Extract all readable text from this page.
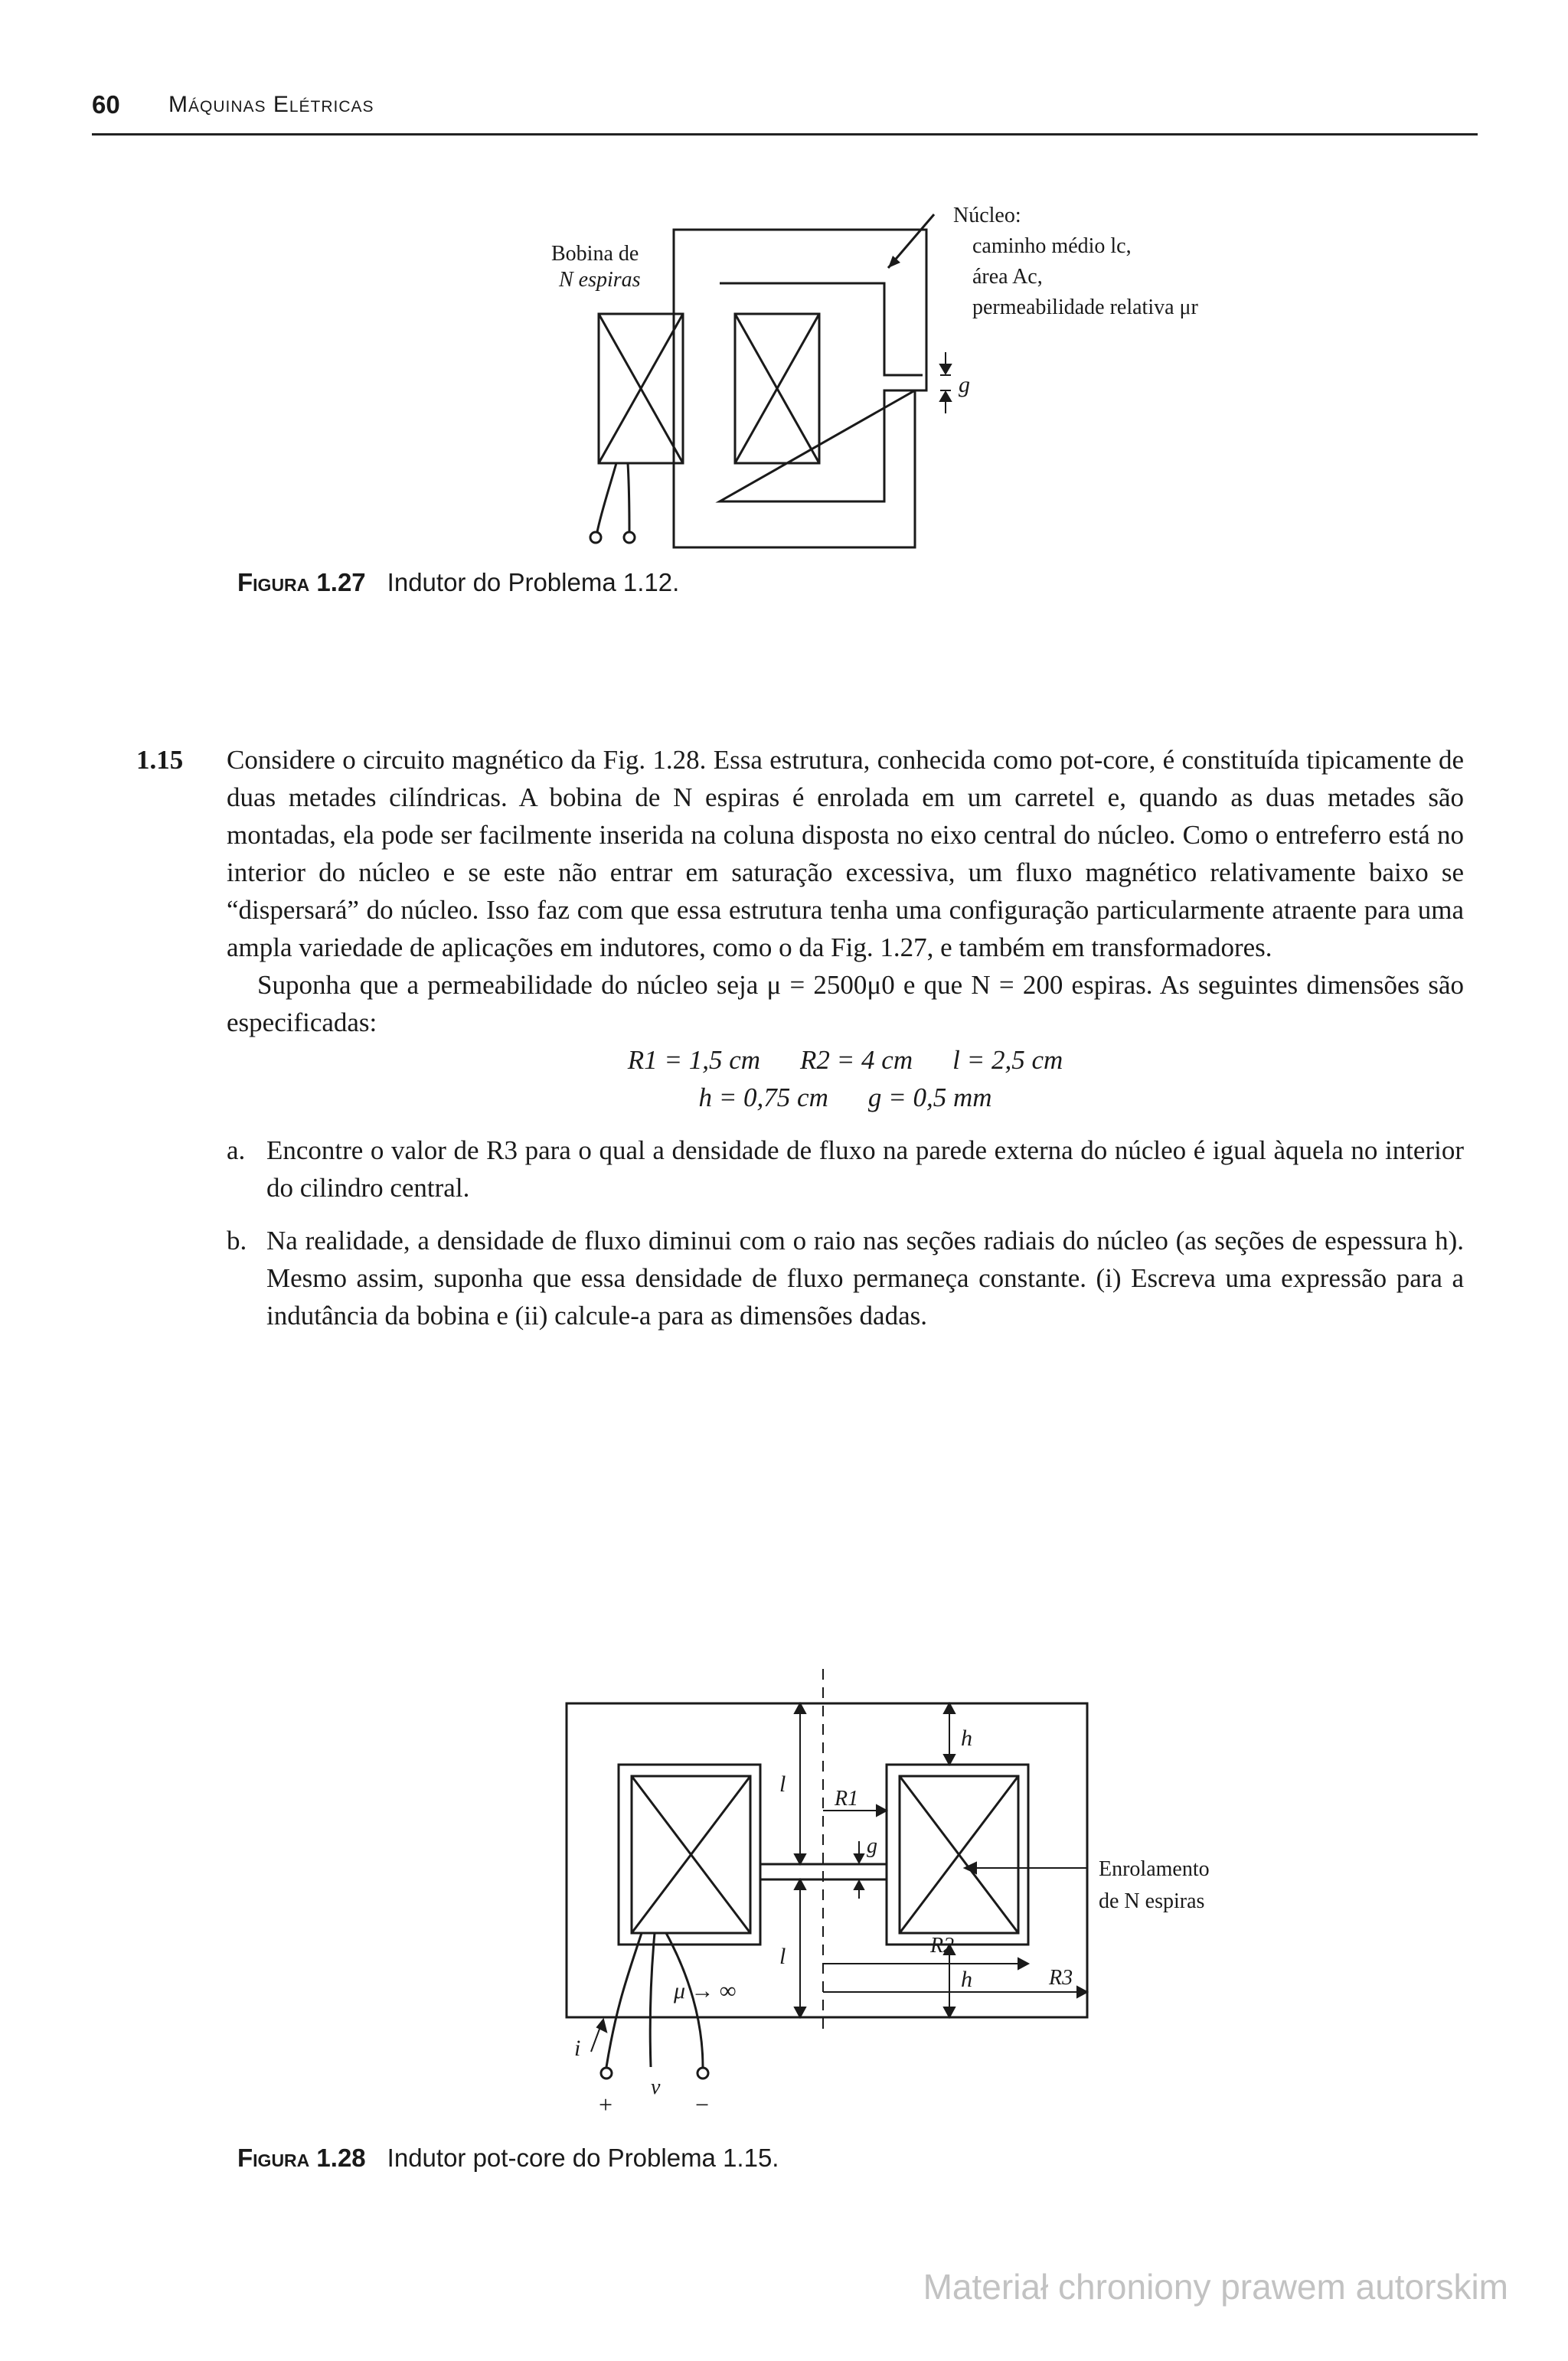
60 Máquinas Elétricas
g
Bobina de
N espiras
Núcleo:
caminho médio lc,
área Ac,
permeabilidade relativa μr
Figura 1.27 Indutor do Problema 1.12.
1.15 Considere o circuito magnético da Fig. 1.28. Essa estrutura, conhecida como pot-core, é constituída tipicamente de duas metades cilíndricas. A bobina de N espiras é enrolada em um carretel e, quando as duas metades são montadas, ela pode ser facilmente inserida na coluna disposta no eixo central do núcleo. Como o entreferro está no interior do núcleo e se este não entrar em saturação excessiva, um fluxo magnético relativamente baixo se “dispersará” do núcleo. Isso faz com que essa estrutura tenha uma configuração particularmente atraente para uma ampla variedade de aplicações em indutores, como o da Fig. 1.27, e também em transformadores.

Suponha que a permeabilidade do núcleo seja μ = 2500μ0 e que N = 200 espiras. As seguintes dimensões são especificadas:

R1 = 1,5 cm R2 = 4 cm l = 2,5 cm

h = 0,75 cm g = 0,5 mm

a. Encontre o valor de R3 para o qual a densidade de fluxo na parede externa do núcleo é igual àquela no interior do cilindro central.

b. Na realidade, a densidade de fluxo diminui com o raio nas seções radiais do núcleo (as seções de espessura h). Mesmo assim, suponha que essa densidade de fluxo permaneça constante. (i) Escreva uma expressão para a indutância da bobina e (ii) calcule-a para as dimensões dadas.

h
R1
l
g
l	R2
h	R3
μ → ∞
Enrolamento
de N espiras
i
v
+	−
Figura 1.28 Indutor pot-core do Problema 1.15.
Materiał chroniony prawem autorskim
